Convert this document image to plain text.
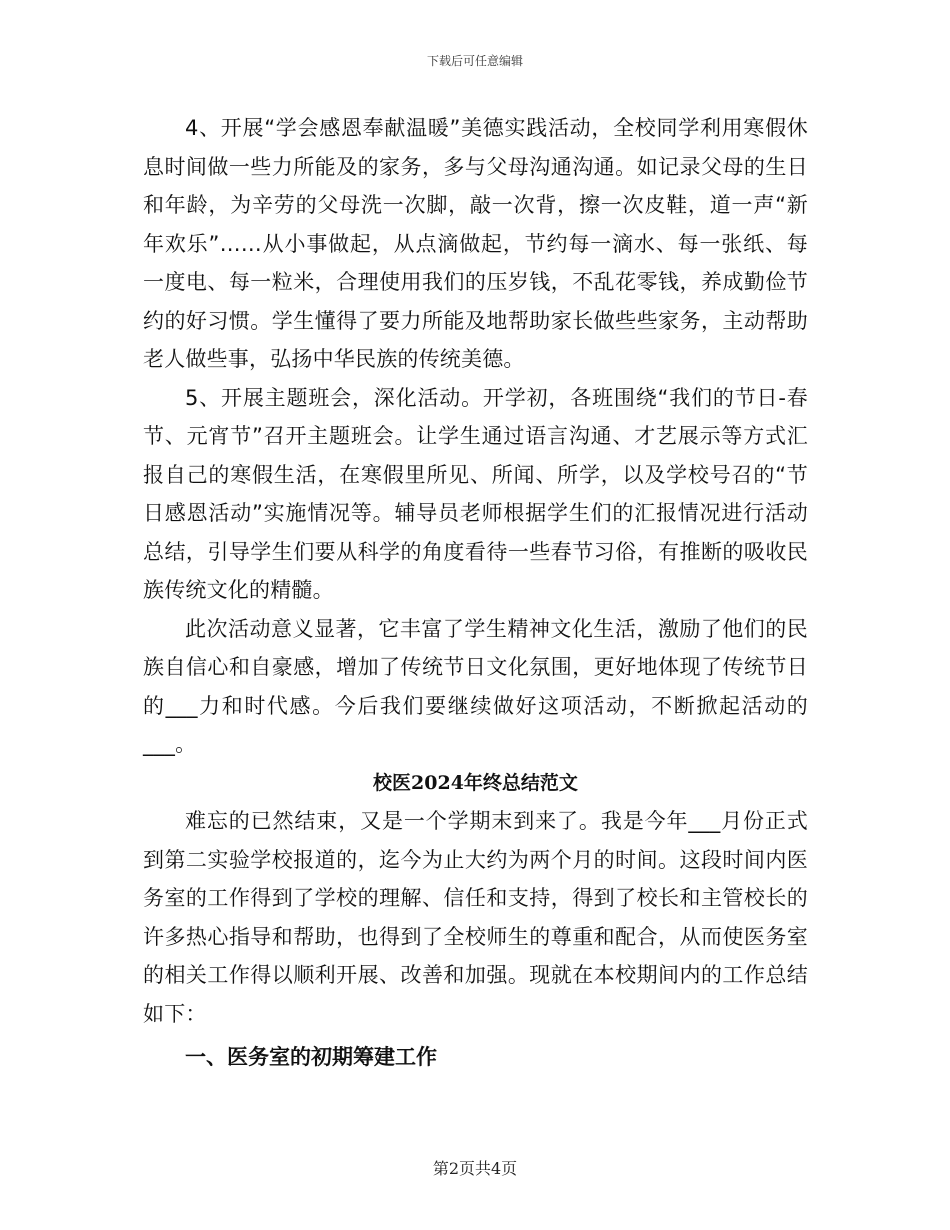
下载后可任意编辑

4、开展“学会感恩奉献温暖”美德实践活动，全校同学利用寒假休息时间做一些力所能及的家务，多与父母沟通沟通。如记录父母的生日和年龄，为辛劳的父母洗一次脚，敲一次背，擦一次皮鞋，道一声“新年欢乐”……从小事做起，从点滴做起，节约每一滴水、每一张纸、每一度电、每一粒米，合理使用我们的压岁钱，不乱花零钱，养成勤俭节约的好习惯。学生懂得了要力所能及地帮助家长做些些家务，主动帮助老人做些事，弘扬中华民族的传统美德。

5、开展主题班会，深化活动。开学初，各班围绕“我们的节日-春节、元宵节”召开主题班会。让学生通过语言沟通、才艺展示等方式汇报自己的寒假生活，在寒假里所见、所闻、所学，以及学校号召的“节日感恩活动”实施情况等。辅导员老师根据学生们的汇报情况进行活动总结，引导学生们要从科学的角度看待一些春节习俗，有推断的吸收民族传统文化的精髓。

此次活动意义显著，它丰富了学生精神文化生活，激励了他们的民族自信心和自豪感，增加了传统节日文化氛围，更好地体现了传统节日的___力和时代感。今后我们要继续做好这项活动，不断掀起活动的___。

校医2024年终总结范文

难忘的已然结束，又是一个学期末到来了。我是今年___月份正式到第二实验学校报道的，迄今为止大约为两个月的时间。这段时间内医务室的工作得到了学校的理解、信任和支持，得到了校长和主管校长的许多热心指导和帮助，也得到了全校师生的尊重和配合，从而使医务室的相关工作得以顺利开展、改善和加强。现就在本校期间内的工作总结如下：

一、医务室的初期筹建工作
第2页共4页
